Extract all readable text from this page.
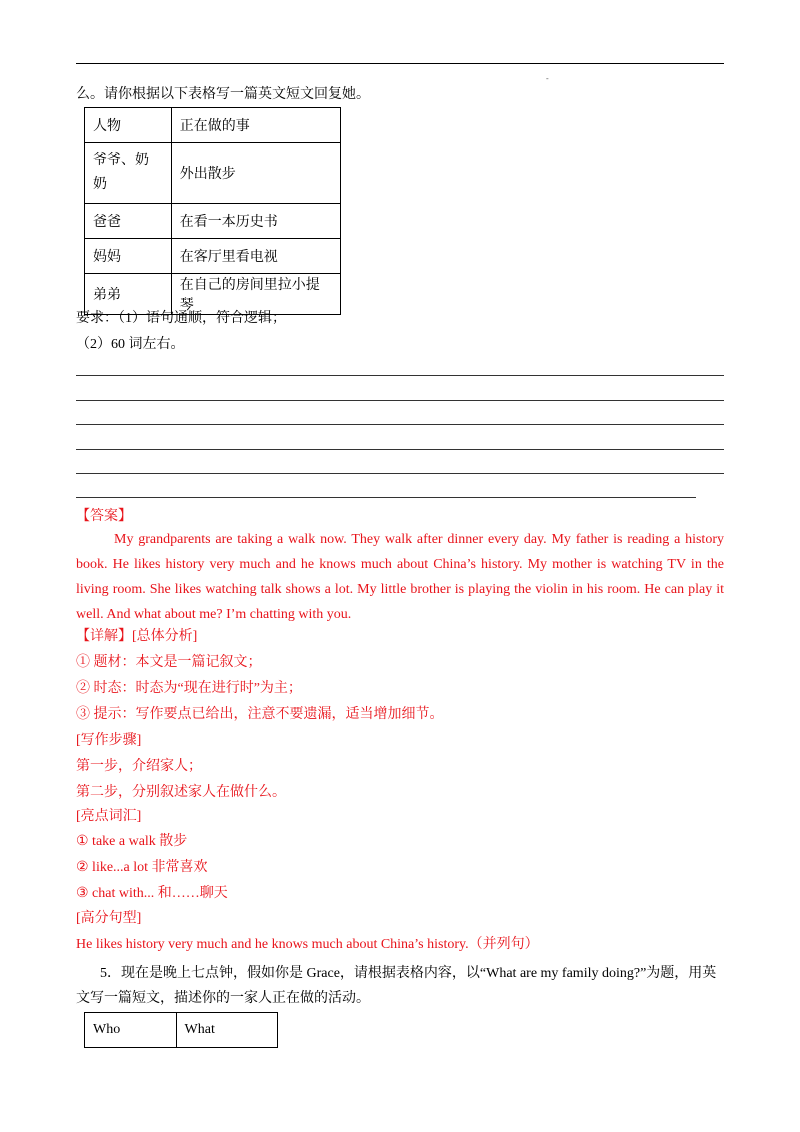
-
么。请你根据以下表格写一篇英文短文回复她。
人物	正在做的事
爷爷、奶奶	外出散步
爸爸	在看一本历史书
妈妈	在客厅里看电视
弟弟	在自己的房间里拉小提琴
要求：（1）语句通顺，符合逻辑；
（2）60 词左右。
【答案】
My grandparents are taking a walk now. They walk after dinner every day. My father is reading a history book. He likes history very much and he knows much about China’s history. My mother is watching TV in the living room. She likes watching talk shows a lot. My little brother is playing the violin in his room. He can play it well. And what about me? I’m chatting with you.
【详解】[总体分析]
① 题材：本文是一篇记叙文；
② 时态：时态为“现在进行时”为主；
③ 提示：写作要点已给出，注意不要遗漏，适当增加细节。
[写作步骤]
第一步，介绍家人；
第二步，分别叙述家人在做什么。
[亮点词汇]
① take a walk 散步
② like...a lot 非常喜欢
③ chat with... 和……聊天
[高分句型]
He likes history very much and he knows much about China’s history.（并列句）
5．现在是晚上七点钟，假如你是 Grace，请根据表格内容，以“What are my family doing?”为题，用英
文写一篇短文，描述你的一家人正在做的活动。
Who	What
